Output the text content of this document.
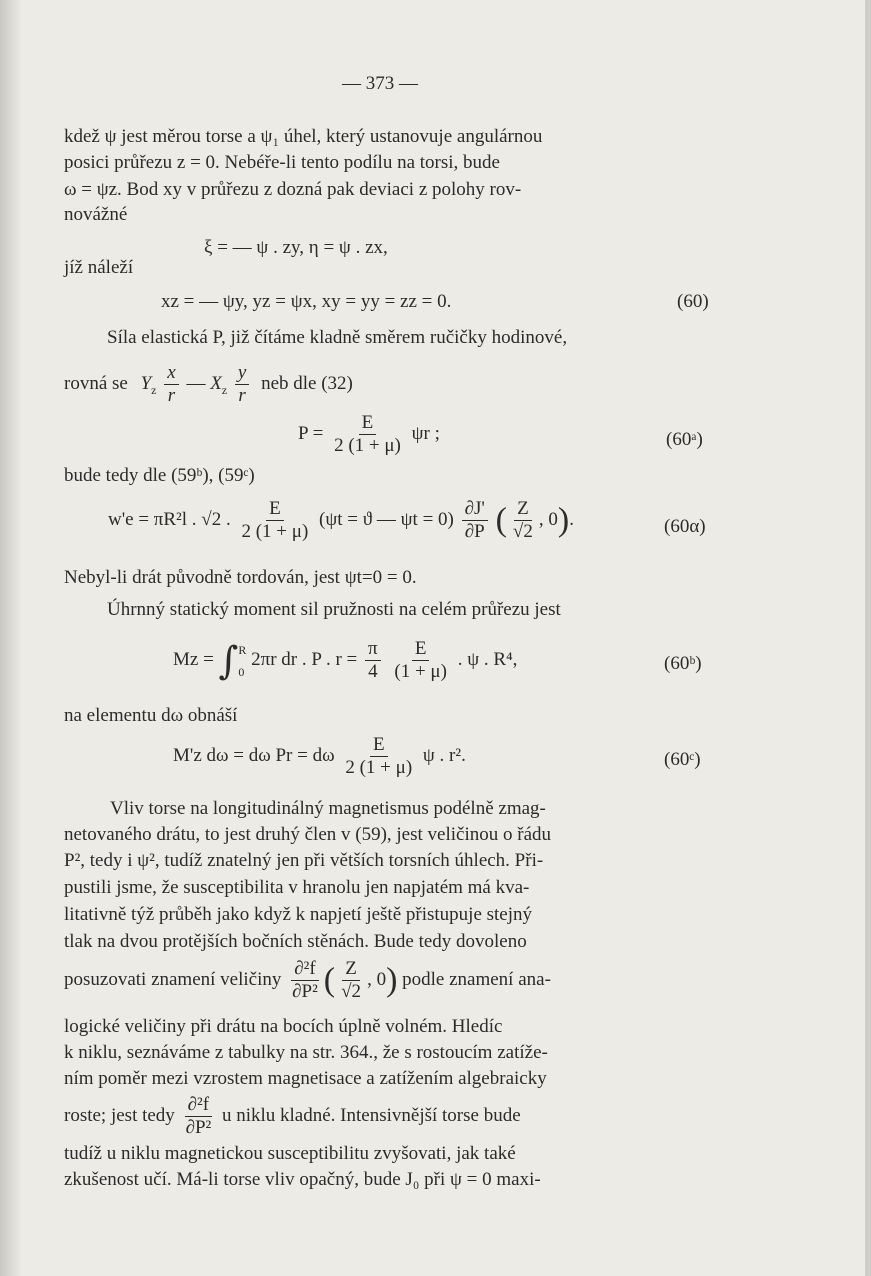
— 373 —
kdež ψ jest měrou torse a ψ₁ úhel, který ustanovuje angulárnou
posici průřezu z = 0. Nebéře-li tento podílu na torsi, bude
ω = ψz. Bod xy v průřezu z dozná pak deviaci z polohy rov-
novážné
ξ = — ψ . zy, η = ψ . zx,
jíž náleží
xz = — ψy, yz = ψx, xy = yy = zz = 0.	(60)
Síla elastická P, již čítáme kladně směrem ručičky hodinové,
rovná se $Y_z \frac{x}{r}$ — $X_z \frac{y}{r}$ neb dle (32)
$P = \frac{E}{2 (1 + \mu)}$ ψr ;	(60ᵃ)
bude tedy dle (59ᵇ), (59ᶜ)
w'e = πR²l . √2 . $\frac{E}{2 (1 + \mu)} (\psi t = ϑ$ — $\psi t = 0) \frac{\partial J'}{\partial P}$ ( $\frac{Z}{√2}$ , 0).	(60α)
Nebyl-li drát původně tordován, jest ψt=0 = 0.
Úhrnný statický moment sil pružnosti na celém průřezu jest
Mz = ∫ R
0
2πr dr . P . $r = \frac{\pi}{4}$
$\frac{E}{(1 + \mu)}$ . ψ . R⁴,	(60ᵇ)
na elementu dω obnáší
M'z dω = dω Pr = dω $\frac{E}{2 (1 + \mu)}$ ψ . r².	(60ᶜ)
Vliv torse na longitudinálný magnetismus podélně zmag-
netovaného drátu, to jest druhý člen v (59), jest veličinou o řádu
P², tedy i ψ², tudíž znatelný jen při větších torsních úhlech. Při-
pustili jsme, že susceptibilita v hranolu jen napjatém má kva-
litativně týž průběh jako když k napjetí ještě přistupuje stejný
tlak na dvou protějších bočních stěnách. Bude tedy dovoleno
posuzovati znamení veličiny $\frac{\text{∂²f}}{\text{∂P²}}$ ( $\frac{Z}{√2}$ , 0) podle znamení ana-
logické veličiny při drátu na bocích úplně volném. Hledíc
k niklu, seznáváme z tabulky na str. 364., že s rostoucím zatíže-
ním poměr mezi vzrostem magnetisace a zatížením algebraicky
roste; jest tedy $\frac{\text{∂²f}}{\text{∂P²}}$ u niklu kladné. Intensivnější torse bude
tudíž u niklu magnetickou susceptibilitu zvyšovati, jak také
zkušenost učí. Má-li torse vliv opačný, bude J₀ při ψ = 0 maxi-
